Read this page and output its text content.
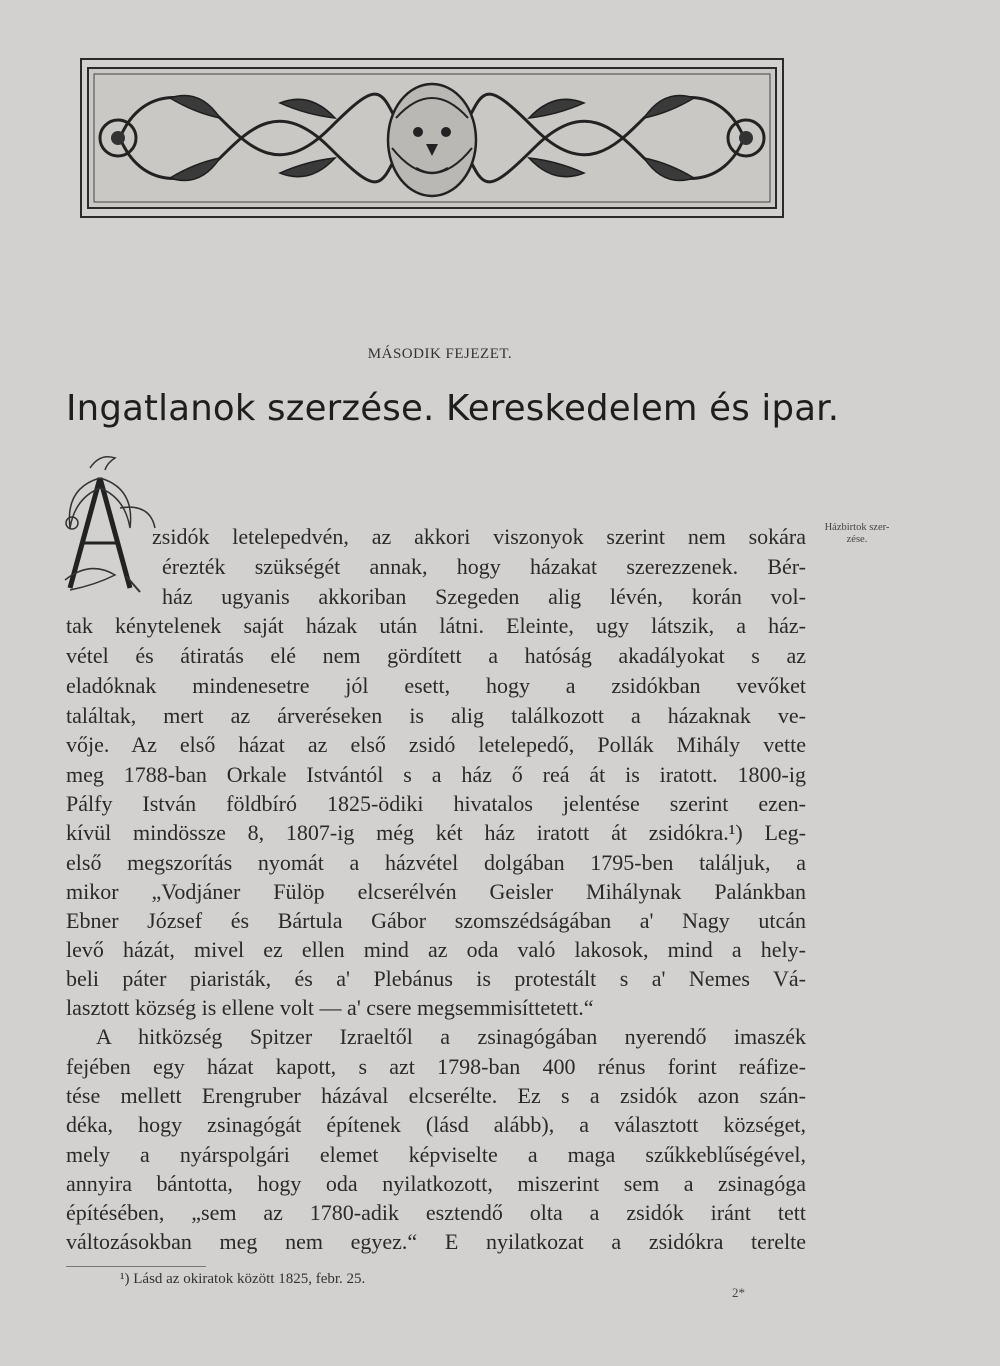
MÁSODIK FEJEZET.
Ingatlanok szerzése. Kereskedelem és ipar.
zsidók letelepedvén, az akkori viszonyok szerint nem sokára
érezték szükségét annak, hogy házakat szerezzenek. Bér-
ház ugyanis akkoriban Szegeden alig lévén, korán vol-
tak kénytelenek saját házak után látni. Eleinte, ugy látszik, a ház-
vétel és átiratás elé nem gördített a hatóság akadályokat s az
eladóknak mindenesetre jól esett, hogy a zsidókban vevőket
találtak, mert az árveréseken is alig találkozott a házaknak ve-
vője. Az első házat az első zsidó letelepedő, Pollák Mihály vette
meg 1788-ban Orkale Istvántól s a ház ő reá át is iratott. 1800-ig
Pálfy István földbíró 1825-ödiki hivatalos jelentése szerint ezen-
kívül mindössze 8, 1807-ig még két ház iratott át zsidókra.¹) Leg-
első megszorítás nyomát a házvétel dolgában 1795-ben találjuk, a
mikor „Vodjáner Fülöp elcserélvén Geisler Mihálynak Palánkban
Ebner József és Bártula Gábor szomszédságában a' Nagy utcán
levő házát, mivel ez ellen mind az oda való lakosok, mind a hely-
beli páter piaristák, és a' Plebánus is protestált s a' Nemes Vá-
lasztott község is ellene volt — a' csere megsemmisíttetett.“
A hitközség Spitzer Izraeltől a zsinagógában nyerendő imaszék
fejében egy házat kapott, s azt 1798-ban 400 rénus forint reáfize-
tése mellett Erengruber házával elcserélte. Ez s a zsidók azon szán-
déka, hogy zsinagógát építenek (lásd alább), a választott községet,
mely a nyárspolgári elemet képviselte a maga szűkkeblűségével,
annyira bántotta, hogy oda nyilatkozott, miszerint sem a zsinagóga
építésében, „sem az 1780-adik esztendő olta a zsidók iránt tett
változásokban meg nem egyez.“ E nyilatkozat a zsidókra terelte
Házbirtok szer-zése.
¹) Lásd az okiratok között 1825, febr. 25.
2*
